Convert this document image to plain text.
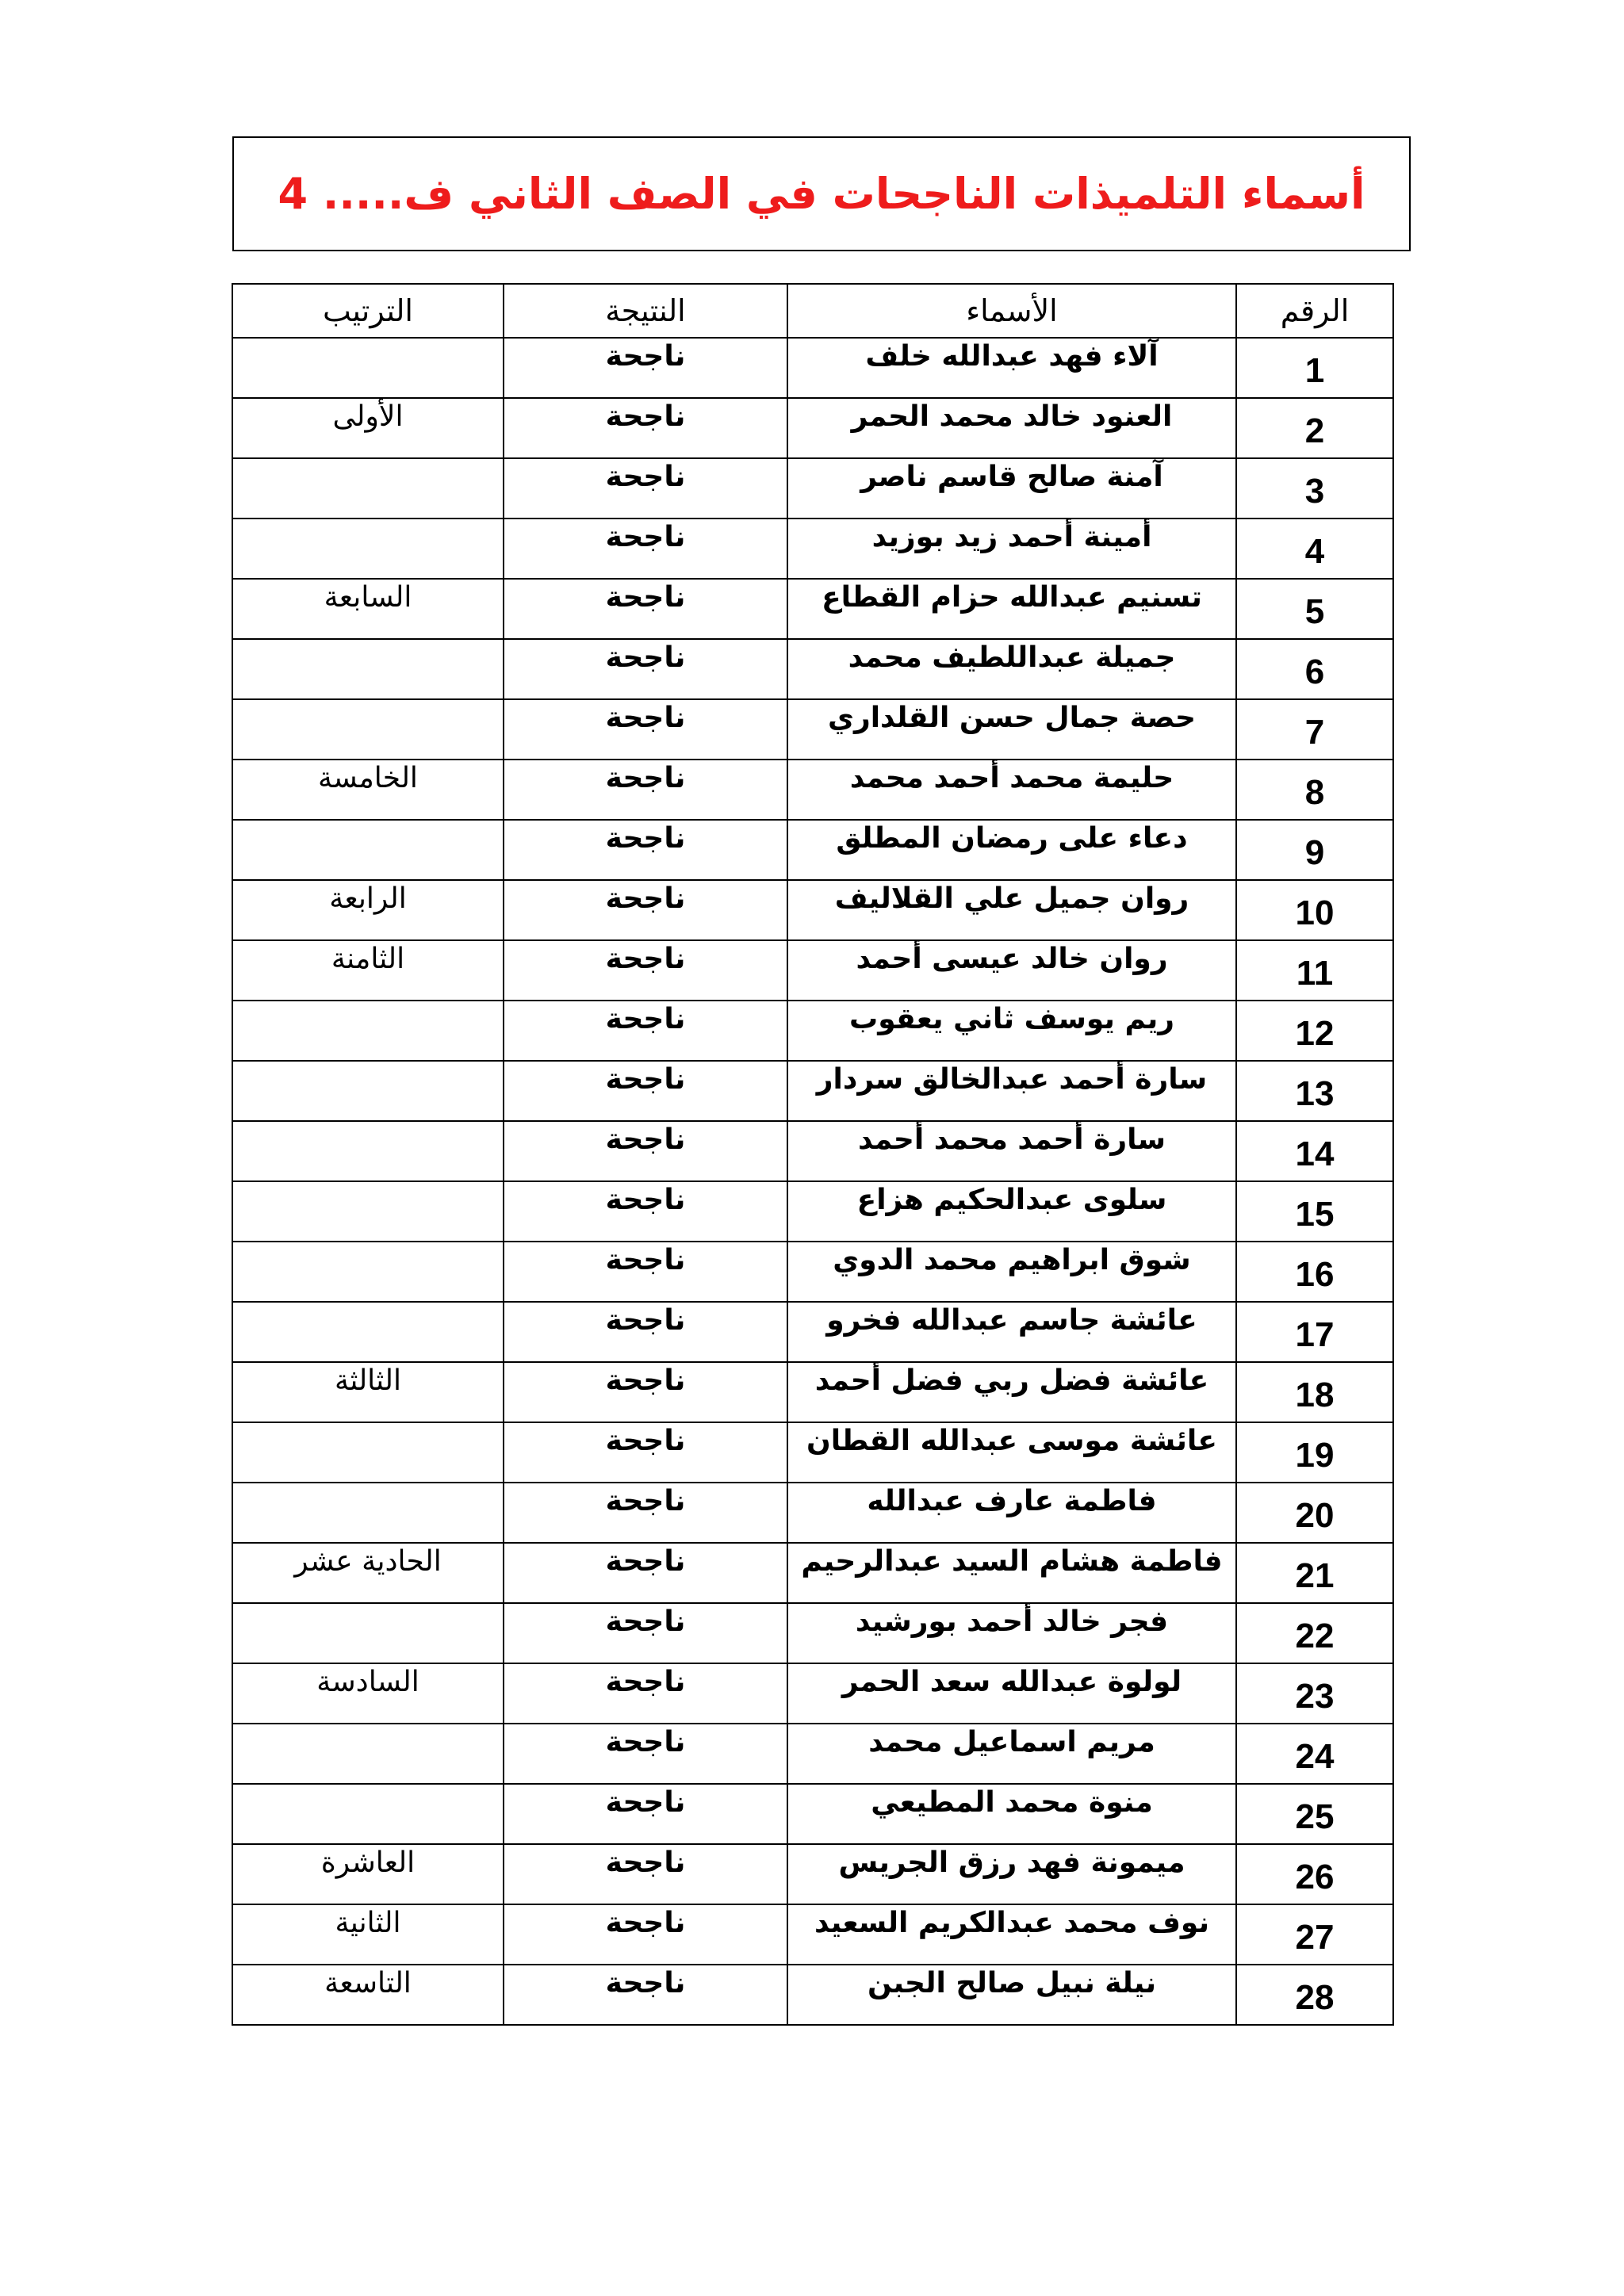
أسماء التلميذات الناجحات في الصف الثاني ف..... 4
الرقم	الأسماء	النتيجة	الترتيب
1	آلاء فهد عبدالله خلف	ناجحة	
2	العنود خالد محمد الحمر	ناجحة	الأولى
3	آمنة صالح قاسم ناصر	ناجحة	
4	أمينة أحمد زيد بوزيد	ناجحة	
5	تسنيم عبدالله حزام القطاع	ناجحة	السابعة
6	جميلة عبداللطيف محمد	ناجحة	
7	حصة جمال حسن القلداري	ناجحة	
8	حليمة محمد أحمد محمد	ناجحة	الخامسة
9	دعاء على رمضان المطلق	ناجحة	
10	روان جميل علي القلاليف	ناجحة	الرابعة
11	روان خالد عيسى أحمد	ناجحة	الثامنة
12	ريم يوسف ثاني يعقوب	ناجحة	
13	سارة أحمد عبدالخالق سردار	ناجحة	
14	سارة أحمد محمد أحمد	ناجحة	
15	سلوى عبدالحكيم هزاع	ناجحة	
16	شوق ابراهيم محمد الدوي	ناجحة	
17	عائشة جاسم عبدالله فخرو	ناجحة	
18	عائشة فضل ربي فضل أحمد	ناجحة	الثالثة
19	عائشة موسى عبدالله القطان	ناجحة	
20	فاطمة عارف عبدالله	ناجحة	
21	فاطمة هشام السيد عبدالرحيم	ناجحة	الحادية عشر
22	فجر خالد أحمد بورشيد	ناجحة	
23	لولوة عبدالله سعد الحمر	ناجحة	السادسة
24	مريم اسماعيل محمد	ناجحة	
25	منوة محمد المطيعي	ناجحة	
26	ميمونة فهد رزق الجريس	ناجحة	العاشرة
27	نوف محمد عبدالكريم السعيد	ناجحة	الثانية
28	نيلة نبيل صالح الجبن	ناجحة	التاسعة
